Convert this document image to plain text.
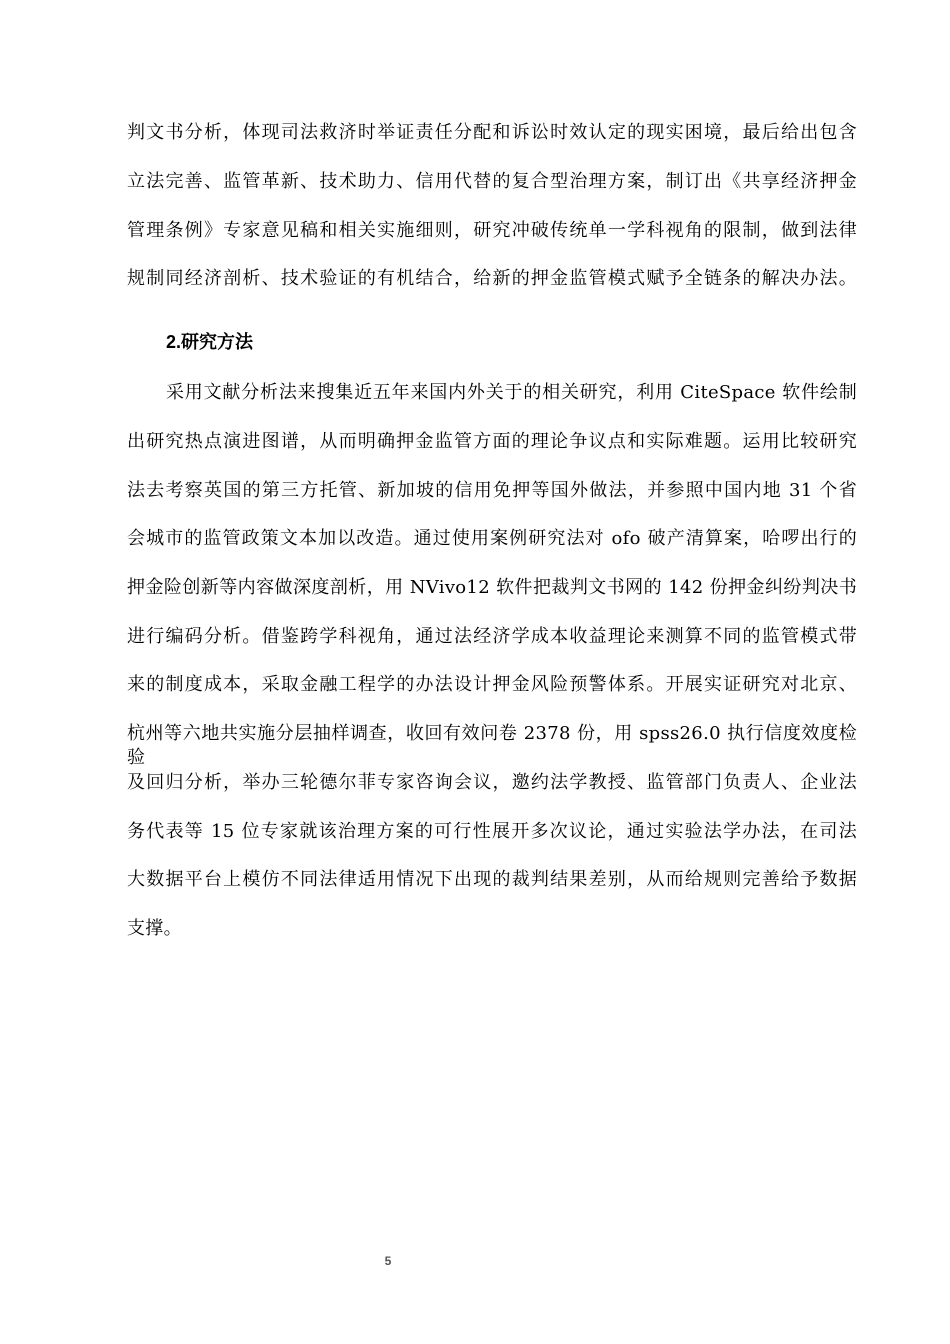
判文书分析，体现司法救济时举证责任分配和诉讼时效认定的现实困境，最后给出包含
立法完善、监管革新、技术助力、信用代替的复合型治理方案，制订出《共享经济押金
管理条例》专家意见稿和相关实施细则，研究冲破传统单一学科视角的限制，做到法律
规制同经济剖析、技术验证的有机结合，给新的押金监管模式赋予全链条的解决办法。
2.研究方法
采用文献分析法来搜集近五年来国内外关于的相关研究，利用 CiteSpace 软件绘制
出研究热点演进图谱，从而明确押金监管方面的理论争议点和实际难题。运用比较研究
法去考察英国的第三方托管、新加坡的信用免押等国外做法，并参照中国内地 31 个省
会城市的监管政策文本加以改造。通过使用案例研究法对 ofo 破产清算案，哈啰出行的
押金险创新等内容做深度剖析，用 NVivo12 软件把裁判文书网的 142 份押金纠纷判决书
进行编码分析。借鉴跨学科视角，通过法经济学成本收益理论来测算不同的监管模式带
来的制度成本，采取金融工程学的办法设计押金风险预警体系。开展实证研究对北京、
杭州等六地共实施分层抽样调查，收回有效问卷 2378 份，用 spss26.0 执行信度效度检验
及回归分析，举办三轮德尔菲专家咨询会议，邀约法学教授、监管部门负责人、企业法
务代表等 15 位专家就该治理方案的可行性展开多次议论，通过实验法学办法，在司法
大数据平台上模仿不同法律适用情况下出现的裁判结果差别，从而给规则完善给予数据
支撑。
5
